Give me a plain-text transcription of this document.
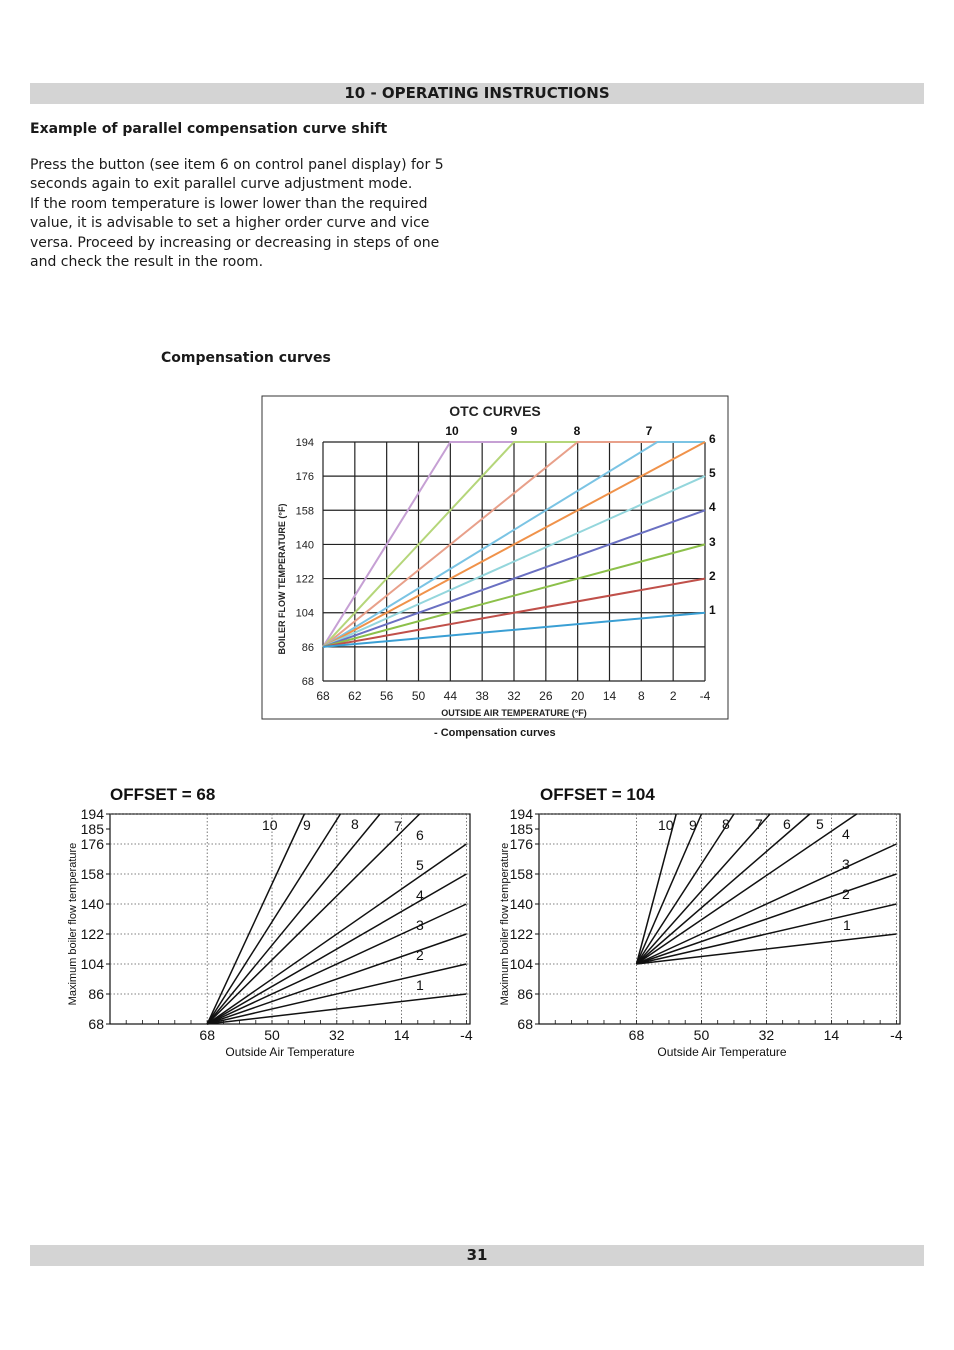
10 - OPERATING INSTRUCTIONS
Example of parallel compensation curve shift

Press the button (see item 6 on control panel display) for 5
seconds again to exit parallel curve adjustment mode.
If the room temperature is lower lower than the required
value, it is advisable to set a higher order curve and vice
versa. Proceed by increasing or decreasing in steps of one
and check the result in the room.

Compensation curves
OTC CURVES
OUTSIDE AIR TEMPERATURE (°F)
BOILER FLOW TEMPERATURE (°F)
68 62 56 50 44 38 32 26 20 14 8 2 -4
68
86
104
122
140
158
176
194
10	9	8	7
6
5
4
3
2
1
- Compensation curves
OFFSET = 68
Outside Air Temperature
Maximum boiler flow temperature
68	50	32	14	-4
68
86
104
122
140
158
176
185
194
10 9	8	7
6
5
4
3
2
1
OFFSET = 104
Outside Air Temperature
Maximum boiler flow temperature
68	50	32	14	-4
68
86
104
122
140
158
176
185
194
10 9 8 7 6 5
4
3
2
1
31
